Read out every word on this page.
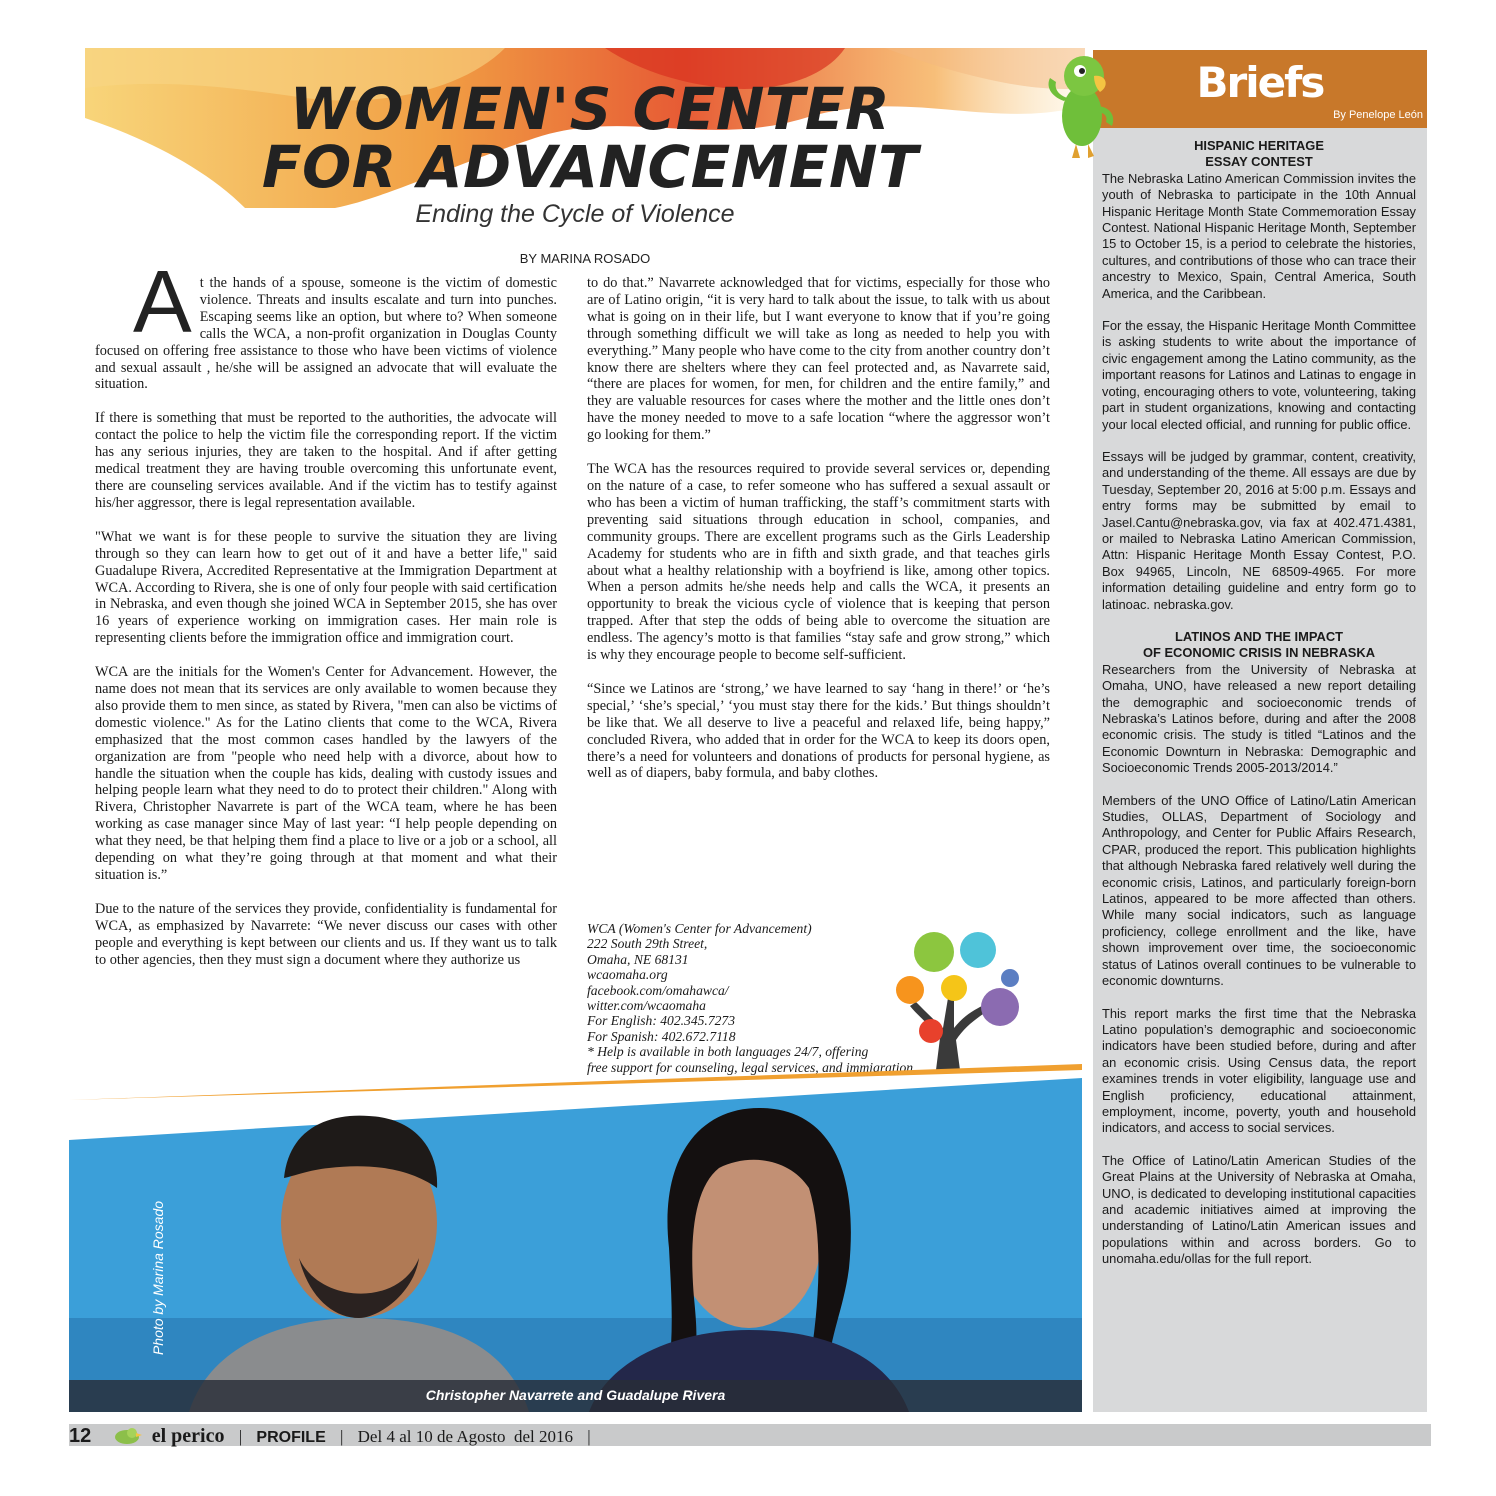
WOMEN'S CENTER
FOR ADVANCEMENT
Ending the Cycle of Violence
BY MARINA ROSADO

At the hands of a spouse, someone is the victim of domestic violence. Threats and insults escalate and turn into punches. Escaping seems like an option, but where to? When someone calls the WCA, a non-profit organization in Douglas County focused on offering free assistance to those who have been victims of violence and sexual assault , he/she will be assigned an advocate that will evaluate the situation.

If there is something that must be reported to the authorities, the advocate will contact the police to help the victim file the corresponding report. If the victim has any serious injuries, they are taken to the hospital. And if after getting medical treatment they are having trouble overcoming this unfortunate event, there are counseling services available. And if the victim has to testify against his/her aggressor, there is legal representation available.

"What we want is for these people to survive the situation they are living through so they can learn how to get out of it and have a better life," said Guadalupe Rivera, Accredited Representative at the Immigration Department at WCA. According to Rivera, she is one of only four people with said certification in Nebraska, and even though she joined WCA in September 2015, she has over 16 years of experience working on immigration cases. Her main role is representing clients before the immigration office and immigration court.

WCA are the initials for the Women's Center for Advancement. However, the name does not mean that its services are only available to women because they also provide them to men since, as stated by Rivera, "men can also be victims of domestic violence." As for the Latino clients that come to the WCA, Rivera emphasized that the most common cases handled by the lawyers of the organization are from "people who need help with a divorce, about how to handle the situation when the couple has kids, dealing with custody issues and helping people learn what they need to do to protect their children." Along with Rivera, Christopher Navarrete is part of the WCA team, where he has been working as case manager since May of last year: “I help people depending on what they need, be that helping them find a place to live or a job or a school, all depending on what they’re going through at that moment and what their situation is.”

Due to the nature of the services they provide, confidentiality is fundamental for WCA, as emphasized by Navarrete: “We never discuss our cases with other people and everything is kept between our clients and us. If they want us to talk to other agencies, then they must sign a document where they authorize us

to do that.” Navarrete acknowledged that for victims, especially for those who are of Latino origin, “it is very hard to talk about the issue, to talk with us about what is going on in their life, but I want everyone to know that if you’re going through something difficult we will take as long as needed to help you with everything.” Many people who have come to the city from another country don’t know there are shelters where they can feel protected and, as Navarrete said, “there are places for women, for men, for children and the entire family,” and they are valuable resources for cases where the mother and the little ones don’t have the money needed to move to a safe location “where the aggressor won’t go looking for them.”

The WCA has the resources required to provide several services or, depending on the nature of a case, to refer someone who has suffered a sexual assault or who has been a victim of human trafficking, the staff’s commitment starts with preventing said situations through education in school, companies, and community groups. There are excellent programs such as the Girls Leadership Academy for students who are in fifth and sixth grade, and that teaches girls about what a healthy relationship with a boyfriend is like, among other topics. When a person admits he/she needs help and calls the WCA, it presents an opportunity to break the vicious cycle of violence that is keeping that person trapped. After that step the odds of being able to overcome the situation are endless. The agency’s motto is that families “stay safe and grow strong,” which is why they encourage people to become self-sufficient.

“Since we Latinos are ‘strong,’ we have learned to say ‘hang in there!’ or ‘he’s special,’ ‘she’s special,’ ‘you must stay there for the kids.’ But things shouldn’t be like that. We all deserve to live a peaceful and relaxed life, being happy,” concluded Rivera, who added that in order for the WCA to keep its doors open, there’s a need for volunteers and donations of products for personal hygiene, as well as of diapers, baby formula, and baby clothes.

WCA (Women's Center for Advancement)
222 South 29th Street,
Omaha, NE 68131
wcaomaha.org
facebook.com/omahawca/
witter.com/wcaomaha
For English: 402.345.7273
For Spanish: 402.672.7118
* Help is available in both languages 24/7, offering
free support for counseling, legal services, and immigration.
Christopher Navarrete and Guadalupe Rivera
Photo by Marina Rosado
Briefs
By Penelope León
HISPANIC HERITAGE
ESSAY CONTEST

The Nebraska Latino American Commission invites the youth of Nebraska to participate in the 10th Annual Hispanic Heritage Month State Commemoration Essay Contest. National Hispanic Heritage Month, September 15 to October 15, is a period to celebrate the histories, cultures, and contributions of those who can trace their ancestry to Mexico, Spain, Central America, South America, and the Caribbean.

For the essay, the Hispanic Heritage Month Committee is asking students to write about the importance of civic engagement among the Latino community, as the important reasons for Latinos and Latinas to engage in voting, encouraging others to vote, volunteering, taking part in student organizations, knowing and contacting your local elected official, and running for public office.

Essays will be judged by grammar, content, creativity, and understanding of the theme. All essays are due by Tuesday, September 20, 2016 at 5:00 p.m. Essays and entry forms may be submitted by email to Jasel.Cantu@nebraska.gov, via fax at 402.471.4381, or mailed to Nebraska Latino American Commission, Attn: Hispanic Heritage Month Essay Contest, P.O. Box 94965, Lincoln, NE 68509-4965. For more information detailing guideline and entry form go to latinoac. nebraska.gov.

LATINOS AND THE IMPACT
OF ECONOMIC CRISIS IN NEBRASKA

Researchers from the University of Nebraska at Omaha, UNO, have released a new report detailing the demographic and socioeconomic trends of Nebraska’s Latinos before, during and after the 2008 economic crisis. The study is titled “Latinos and the Economic Downturn in Nebraska: Demographic and Socioeconomic Trends 2005-2013/2014.”

Members of the UNO Office of Latino/Latin American Studies, OLLAS, Department of Sociology and Anthropology, and Center for Public Affairs Research, CPAR, produced the report. This publication highlights that although Nebraska fared relatively well during the economic crisis, Latinos, and particularly foreign-born Latinos, appeared to be more affected than others. While many social indicators, such as language proficiency, college enrollment and the like, have shown improvement over time, the socioeconomic status of Latinos overall continues to be vulnerable to economic downturns.

This report marks the first time that the Nebraska Latino population’s demographic and socioeconomic indicators have been studied before, during and after an economic crisis. Using Census data, the report examines trends in voter eligibility, language use and English proficiency, educational attainment, employment, income, poverty, youth and household indicators, and access to social services.

The Office of Latino/Latin American Studies of the Great Plains at the University of Nebraska at Omaha, UNO, is dedicated to developing institutional capacities and academic initiatives aimed at improving the understanding of Latino/Latin American issues and populations within and across borders. Go to unomaha.edu/ollas for the full report.

12	el perico | PROFILE | Del 4 al 10 de Agosto  del 2016 |
